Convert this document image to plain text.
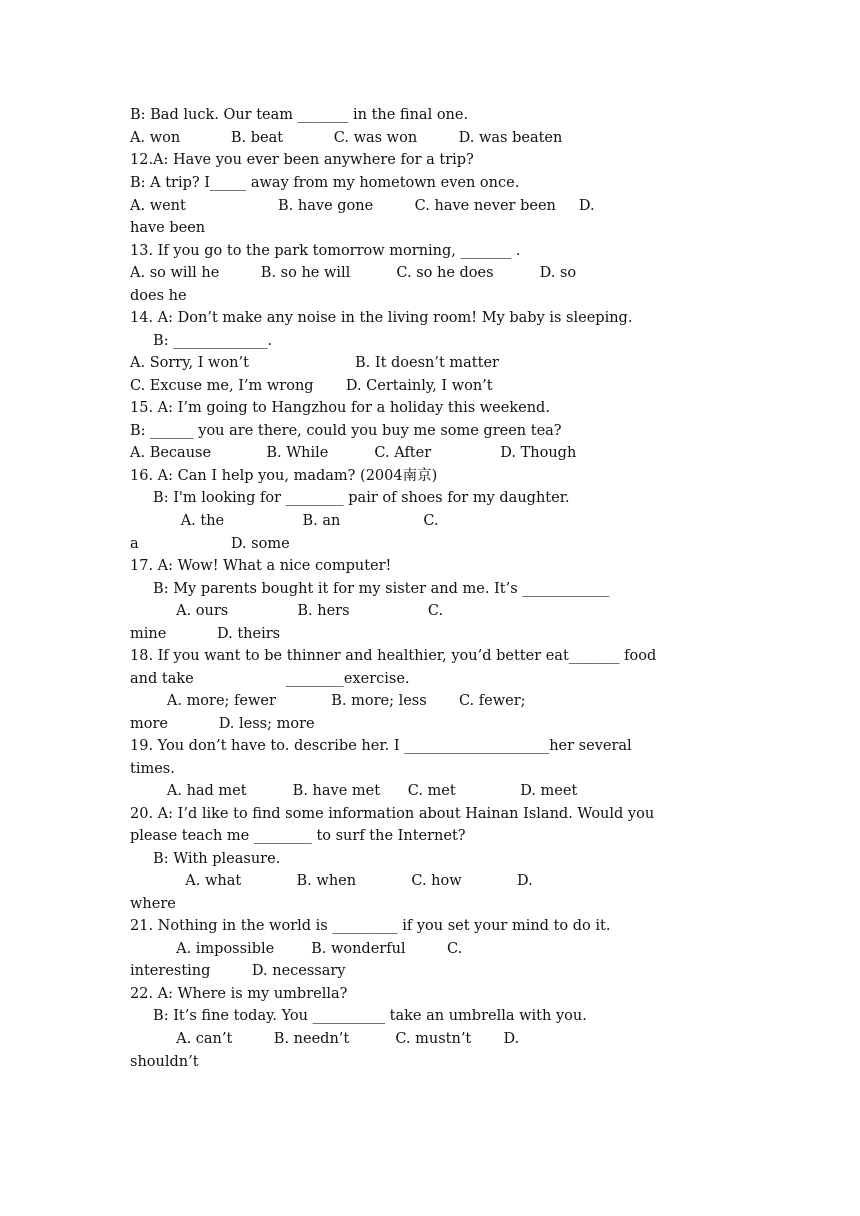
B: Bad luck. Our team _______ in the final one.
A. won           B. beat           C. was won         D. was beaten
12.A: Have you ever been anywhere for a trip?
B: A trip? I_____ away from my hometown even once.
A. went                    B. have gone         C. have never been     D.
have been
13. If you go to the park tomorrow morning, _______ .
A. so will he         B. so he will          C. so he does          D. so
does he
14. A: Don’t make any noise in the living room! My baby is sleeping.
B: _____________.
A. Sorry, I won’t                       B. It doesn’t matter
C. Excuse me, I’m wrong       D. Certainly, I won’t
15. A: I’m going to Hangzhou for a holiday this weekend.
B: ______ you are there, could you buy me some green tea?
A. Because            B. While          C. After               D. Though
16. A: Can I help you, madam? (2004南京)
B: I'm looking for ________ pair of shoes for my daughter.
A. the                 B. an                  C.
a                    D. some
17. A: Wow! What a nice computer!
B: My parents bought it for my sister and me. It’s ____________
A. ours               B. hers                 C.
mine           D. theirs
18. If you want to be thinner and healthier, you’d better eat_______ food
and take                    ________exercise.
A. more; fewer            B. more; less       C. fewer;
more           D. less; more
19. You don’t have to. describe her. I ____________________her several
times.
A. had met          B. have met      C. met              D. meet
20. A: I’d like to find some information about Hainan Island. Would you
please teach me ________ to surf the Internet?
B: With pleasure.
A. what            B. when            C. how            D.
where
21. Nothing in the world is _________ if you set your mind to do it.
A. impossible        B. wonderful         C.
interesting         D. necessary
22. A: Where is my umbrella?
B: It’s fine today. You __________ take an umbrella with you.
A. can’t         B. needn’t          C. mustn’t       D.
shouldn’t
